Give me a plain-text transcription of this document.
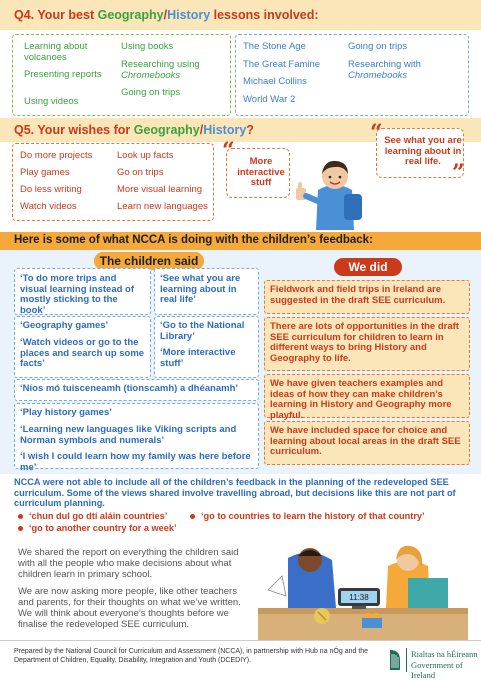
Q4. Your best Geography/History lessons involved:
Learning about volcanoes
Presenting reports
Using videos
Using books
Researching using
Chromebooks
Going on trips
The Stone Age
The Great Famine
Michael Collins
World War 2
Going on trips
Researching with
Chromebooks
Q5. Your wishes for Geography/History?
Do more projects
Play games
Do less writing
Watch videos
Look up facts
Go on trips
More visual learning
Learn new languages
“	More interactive stuff
“
”
See what you are learning about in real life.
Here is some of what NCCA is doing with the children’s feedback:
The children said	We did
‘To do more trips and visual learning instead of mostly sticking to the book’
‘See what you are learning about in real life’
‘Geography games’
‘Watch videos or go to the places and search up some facts’
‘Go to the National Library’
‘More interactive stuff’
‘Níos mó tuisceneamh (tionscamh) a dhéanamh’
‘Play history games’
‘Learning new languages like Viking scripts and Norman symbols and numerals’
‘I wish I could learn how my family was here before me’
Fieldwork and field trips in Ireland are suggested in the draft SEE curriculum.
There are lots of opportunities in the draft SEE curriculum for children to learn in different ways to bring History and Geography to life.
We have given teachers examples and ideas of how they can make children’s learning in History and Geography more playful.
We have included space for choice and learning about local areas in the draft SEE curriculum.
NCCA were not able to include all of the children’s feedback in the planning of the redeveloped SEE curriculum. Some of the views shared involve travelling abroad, but decisions like this are not part of curriculum planning.
‘chun dul go dtí aláin countries’
‘go to another country for a week’
‘go to countries to learn the history of that country’
We shared the report on everything the children said with all the people who make decisions about what children learn in primary school.
We are now asking more people, like other teachers and parents, for their thoughts on what we’ve written. We will think about everyone’s thoughts before we finalise the redeveloped SEE curriculum.
11:38
Prepared by the National Council for Curriculum and Assessment (NCCA), in partnership with Hub na nÓg and the Department of Children, Equality, Disability, Integration and Youth (DCEDIY).
Rialtas na hÉireann
Government of Ireland
